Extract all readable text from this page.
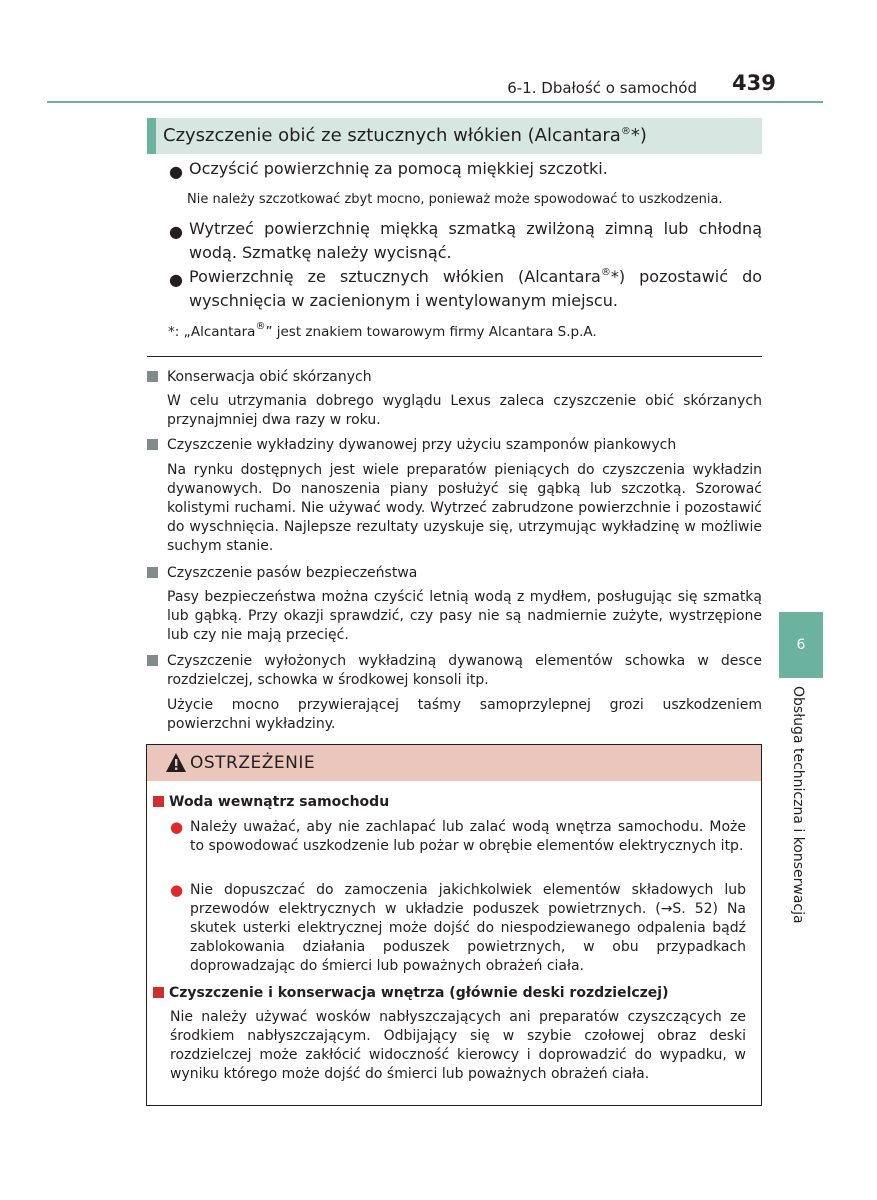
6-1. Dbałość o samochód 439
Czyszczenie obić ze sztucznych włókien (Alcantara®*)
● Oczyścić powierzchnię za pomocą miękkiej szczotki.
Nie należy szczotkować zbyt mocno, ponieważ może spowodować to uszkodzenia.
● Wytrzeć powierzchnię miękką szmatką zwilżoną zimną lub chłodną wodą. Szmatkę należy wycisnąć.
● Powierzchnię ze sztucznych włókien (Alcantara®*) pozostawić do wyschnięcia w zacienionym i wentylowanym miejscu.
*: „Alcantara®” jest znakiem towarowym firmy Alcantara S.p.A.
Konserwacja obić skórzanych
W celu utrzymania dobrego wyglądu Lexus zaleca czyszczenie obić skórzanych przynajmniej dwa razy w roku.
Czyszczenie wykładziny dywanowej przy użyciu szamponów piankowych
Na rynku dostępnych jest wiele preparatów pieniących do czyszczenia wykładzin dywanowych. Do nanoszenia piany posłużyć się gąbką lub szczotką. Szorować kolistymi ruchami. Nie używać wody. Wytrzeć zabrudzone powierzchnie i pozostawić do wyschnięcia. Najlepsze rezultaty uzyskuje się, utrzymując wykładzinę w możliwie suchym stanie.
Czyszczenie pasów bezpieczeństwa
Pasy bezpieczeństwa można czyścić letnią wodą z mydłem, posługując się szmatką lub gąbką. Przy okazji sprawdzić, czy pasy nie są nadmiernie zużyte, wystrzępione lub czy nie mają przecięć.
Czyszczenie wyłożonych wykładziną dywanową elementów schowka w desce rozdzielczej, schowka w środkowej konsoli itp.
Użycie mocno przywierającej taśmy samoprzylepnej grozi uszkodzeniem powierzchni wykładziny.
OSTRZEŻENIE
Woda wewnątrz samochodu
● Należy uważać, aby nie zachlapać lub zalać wodą wnętrza samochodu. Może to spowodować uszkodzenie lub pożar w obrębie elementów elektrycznych itp.
● Nie dopuszczać do zamoczenia jakichkolwiek elementów składowych lub przewodów elektrycznych w układzie poduszek powietrznych. (→S. 52) Na skutek usterki elektrycznej może dojść do niespodziewanego odpalenia bądź zablokowania działania poduszek powietrznych, w obu przypadkach doprowadzając do śmierci lub poważnych obrażeń ciała.
Czyszczenie i konserwacja wnętrza (głównie deski rozdzielczej)
Nie należy używać wosków nabłyszczających ani preparatów czyszczących ze środkiem nabłyszczającym. Odbijający się w szybie czołowej obraz deski rozdzielczej może zakłócić widoczność kierowcy i doprowadzić do wypadku, w wyniku którego może dojść do śmierci lub poważnych obrażeń ciała.
6
Obsługa techniczna i konserwacja
